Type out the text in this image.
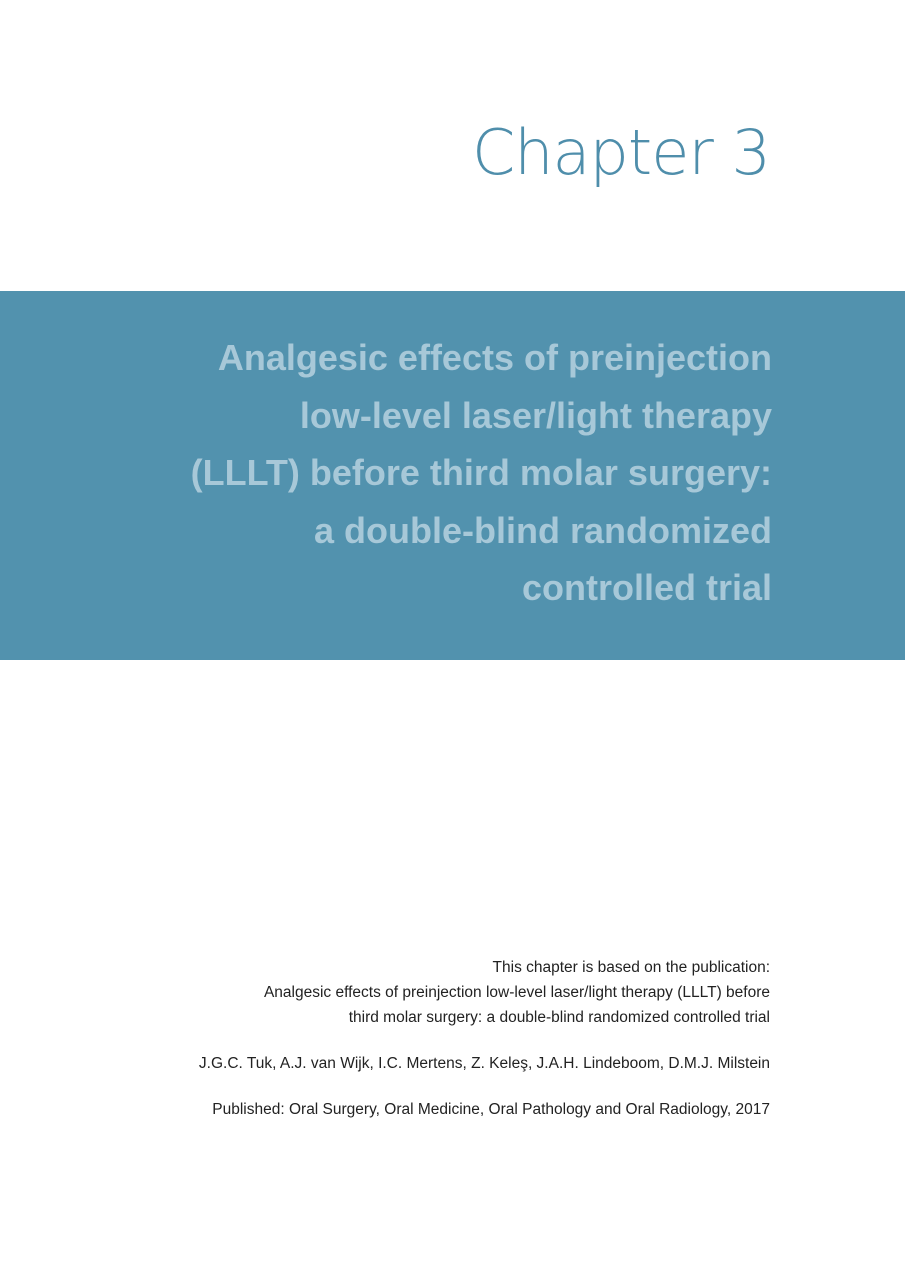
Chapter 3
Analgesic effects of preinjection
low-level laser/light therapy
(LLLT) before third molar surgery:
a double-blind randomized
controlled trial

This chapter is based on the publication:
Analgesic effects of preinjection low-level laser/light therapy (LLLT) before
third molar surgery: a double-blind randomized controlled trial

J.G.C. Tuk, A.J. van Wijk, I.C. Mertens, Z. Keleş, J.A.H. Lindeboom, D.M.J. Milstein

Published: Oral Surgery, Oral Medicine, Oral Pathology and Oral Radiology, 2017
